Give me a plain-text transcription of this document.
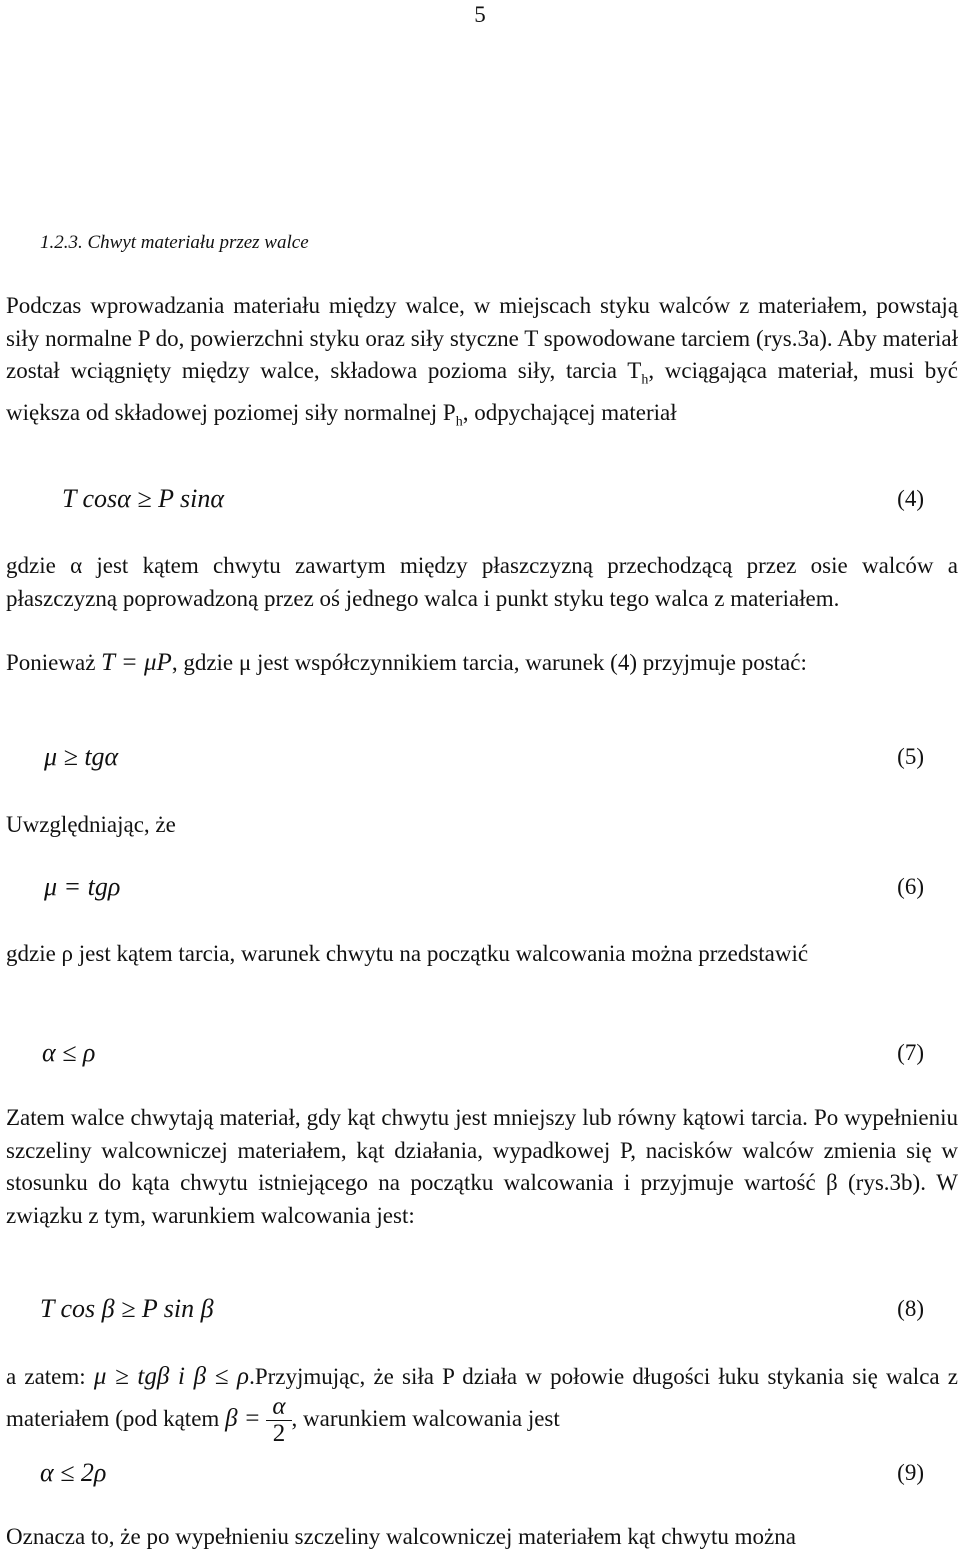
5
1.2.3. Chwyt materiału przez walce

Podczas wprowadzania materiału między walce, w miejscach styku walców z materiałem, powstają siły normalne P do, powierzchni styku oraz siły styczne T spowodowane tarciem (rys.3a). Aby materiał został wciągnięty między walce, składowa pozioma siły, tarcia $T_h$, wciągająca materiał, musi być większa od składowej poziomej siły normalnej $P_h$, odpychającej materiał

T cosα ≥ P sinα	(4)

gdzie α jest kątem chwytu zawartym między płaszczyzną przechodzącą przez osie walców a płaszczyzną poprowadzoną przez oś jednego walca i punkt styku tego walca z materiałem.

Ponieważ T = μP, gdzie μ jest współczynnikiem tarcia, warunek (4) przyjmuje postać:

μ ≥ tgα	(5)

Uwzględniając, że

μ = tgρ	(6)

gdzie ρ jest kątem tarcia, warunek chwytu na początku walcowania można przedstawić

α ≤ ρ	(7)

Zatem walce chwytają materiał, gdy kąt chwytu jest mniejszy lub równy kątowi tarcia. Po wypełnieniu szczeliny walcowniczej materiałem, kąt działania, wypadkowej P, nacisków walców zmienia się w stosunku do kąta chwytu istniejącego na początku walcowania i przyjmuje wartość β (rys.3b). W związku z tym, warunkiem walcowania jest:

T cos β ≥ P sin β	(8)

a zatem: μ ≥ tgβ i β ≤ ρ.Przyjmując, że siła P działa w połowie długości łuku stykania się walca z materiałem (pod kątem $\beta = \frac{\alpha}{2}$ , warunkiem walcowania jest

α ≤ 2ρ	(9)

Oznacza to, że po wypełnieniu szczeliny walcowniczej materiałem kąt chwytu można
